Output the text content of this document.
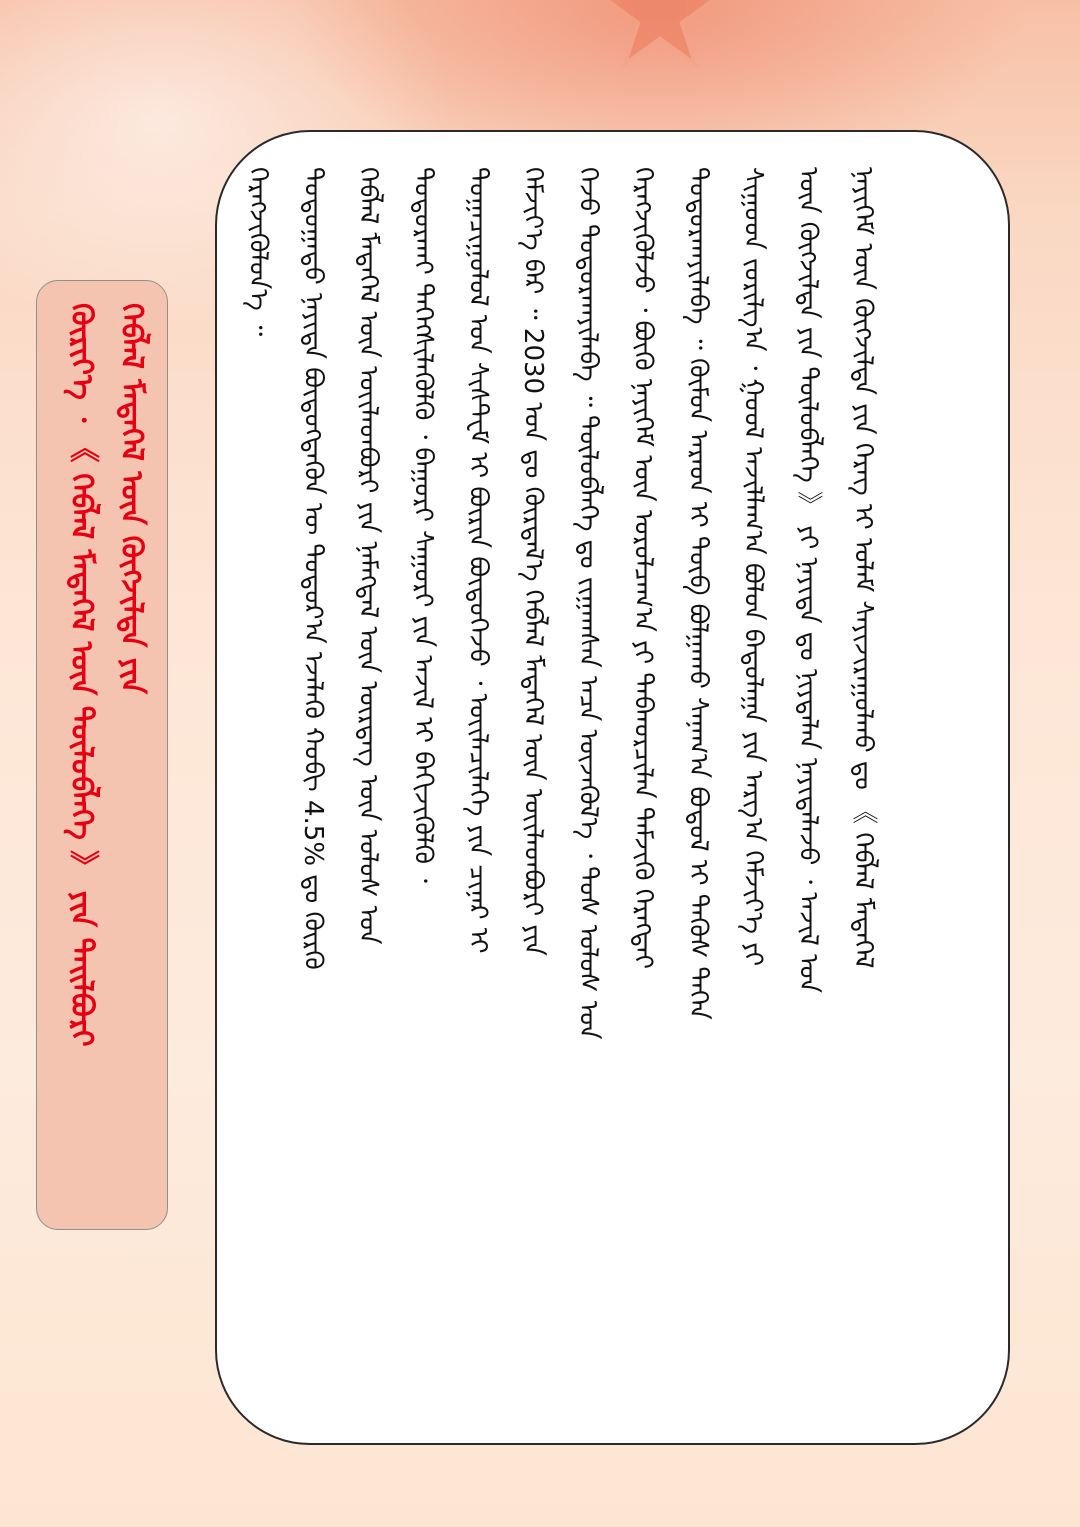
ᠬᠡᠪᠯᠡᠯ ᠮᠡᠳᠡᠭᠡᠯ ᠦᠨ ᠬᠥᠭᠵᠢᠯᠲᠡ ᠶᠢᠨ
ᠬᠦᠷᠢᠶ᠎ᠡ ᠂ 《 ᠬᠡᠪᠯᠡᠯ ᠮᠡᠳᠡᠭᠡᠯ ᠦᠨ ᠲᠥᠯᠥᠪᠯᠡᠭᠡ 》 ᠶᠢᠨ ᠲᠠᠢᠯᠪᠤᠷᠢ	ᠨᠡᠶᠢᠭᠡᠮ ᠦᠨ ᠬᠥᠭᠵᠢᠯᠲᠡ ᠶᠢᠨ ᠬᠡᠷᠡᠭ ᠢ ᠤᠯᠠᠮ ᠰᠠᠶᠢᠵᠢᠷᠠᠭᠤᠯᠬᠤ ᠳᠤ 《 ᠬᠡᠪᠯᠡᠯ ᠮᠡᠳᠡᠭᠡᠯ
ᠦᠨ ᠬᠥᠭᠵᠢᠯᠲᠡ ᠶᠢᠨ ᠲᠥᠯᠥᠪᠯᠡᠭᠡ 》 ᠶᠢ ᠨᠡᠶᠢᠲᠡ ᠳᠤ ᠨᠢᠶᠲᠠᠯᠠᠨ ᠨᠡᠶᠢᠲᠡᠯᠡᠵᠦ ᠂ ᠠᠵᠢᠯ ᠤᠨ
ᠰᠢᠭᠤᠳ ᠵᠣᠷᠢᠯᠭ᠎ᠠ ᠂ ᠭᠣᠣᠯ ᠠᠵᠢᠯᠯᠠᠭ᠎ᠠ ᠪᠤᠯᠤᠨ ᠪᠠᠲᠤᠯᠠᠭᠠ ᠶᠢᠨ ᠠᠷᠭ᠎ᠠ ᠬᠡᠮᠵᠢᠶ᠎ᠡ ᠶᠢ
ᠲᠣᠳᠣᠷᠬᠠᠶᠢᠯᠠᠪᠠ ᠃ ᠬᠦᠮᠦᠨ ᠠᠷᠠᠳ ᠢ ᠲᠥᠪ ᠪᠣᠯᠭᠠᠬᠤ ᠰᠠᠨᠠᠭ᠎ᠠ ᠪᠣᠳᠤᠯ ᠢ ᠲᠡᠭᠦᠰ ᠳᠡᠭᠡᠨ
ᠬᠡᠷᠡᠭᠵᠢᠭᠦᠯᠵᠦ ᠂ ᠪᠦᠬᠦ ᠨᠡᠶᠢᠭᠡᠮ ᠦᠨ ᠣᠷᠣᠯᠴᠠᠭ᠎ᠠ ᠶᠢ ᠳᠠᠪᠬᠤᠷᠴᠢᠯᠠᠨ ᠳᠡᠮᠵᠢᠬᠦ ᠬᠡᠷᠡᠭᠲᠡᠢ
ᠭᠡᠵᠦ ᠲᠣᠳᠣᠷᠬᠠᠶᠢᠯᠠᠪᠠ ᠃ ᠲᠥᠯᠥᠪᠯᠡᠭᠡ ᠳᠤ ᠵᠢᠭᠠᠭᠰᠠᠨ ᠠᠴᠠ ᠦᠵᠡᠬᠦᠯ᠎ᠡ ᠂ ᠲᠤᠰ ᠤᠯᠤᠰ ᠤᠨ
ᠬᠡᠮᠵᠢᠶ᠎ᠡ ᠪᠡᠷ ᠃ 2030 ᠣᠨ ᠳᠤ ᠬᠦᠷᠲᠡᠯ᠎ᠡ ᠬᠡᠪᠯᠡᠯ ᠮᠡᠳᠡᠭᠡᠯ ᠦᠨ ᠦᠢᠯᠡᠳᠪᠦᠷᠢ ᠶᠢᠨ
ᠲᠣᠭᠠᠴᠢᠭᠤᠯᠤᠯ ᠤᠨ ᠰᠢᠰᠲᠧᠮ ᠢ ᠪᠦᠷᠢᠨ ᠪᠦᠲᠦᠭᠡᠵᠦ ᠂ ᠦᠢᠯᠡᠴᠢᠯᠡᠭᠡ ᠶᠢᠨ ᠴᠢᠨᠠᠷ ᠢ
ᠲᠣᠳᠣᠷᠬᠠᠢ ᠳᠡᠭᠡᠭᠰᠢᠯᠡᠭᠦᠯᠬᠦ ᠂ ᠪᠠᠭᠤᠷᠢ ᠰᠠᠭᠤᠷᠢ ᠶᠢᠨ ᠠᠵᠢᠯ ᠢ ᠪᠡᠬᠢᠵᠢᠭᠦᠯᠬᠦ ᠂
ᠬᠡᠪᠯᠡᠯ ᠮᠡᠳᠡᠭᠡᠯ ᠦᠨ ᠦᠢᠯᠡᠳᠪᠦᠷᠢ ᠶᠢᠨ ᠨᠡᠮᠡᠭᠳᠡᠯ ᠦᠨ ᠥᠷᠲᠡᠭ ᠦᠨ ᠤᠯᠤᠰ ᠤᠨ
ᠳᠣᠲᠣᠭᠠᠳᠤ ᠨᠡᠶᠢᠲᠡ ᠪᠦᠲᠦᠭᠳᠡᠬᠦᠨ ᠦ ᠳᠣᠲᠣᠷ᠎ᠠ ᠡᠵᠡᠯᠡᠬᠦ ᠬᠤᠪᠢ 4.5% ᠳᠤ ᠬᠦᠷᠬᠦ
ᠬᠡᠷᠡᠭᠵᠢᠭᠦᠯᠦᠨ᠎ᠡ ᠃
